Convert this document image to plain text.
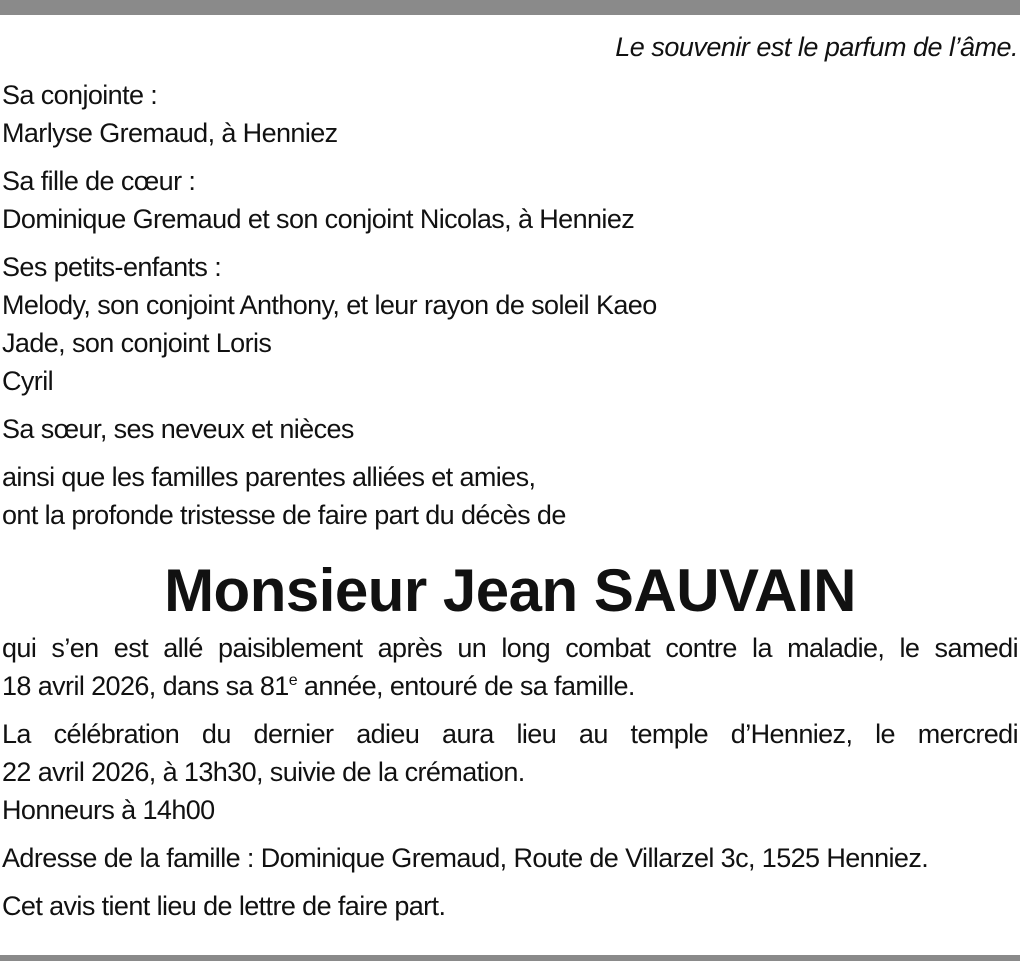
Le souvenir est le parfum de l’âme.
Sa conjointe :
Marlyse Gremaud, à Henniez
Sa fille de cœur :
Dominique Gremaud et son conjoint Nicolas, à Henniez
Ses petits-enfants :
Melody, son conjoint Anthony, et leur rayon de soleil Kaeo
Jade, son conjoint Loris
Cyril
Sa sœur, ses neveux et nièces
ainsi que les familles parentes alliées et amies,
ont la profonde tristesse de faire part du décès de
Monsieur Jean SAUVAIN
qui s’en est allé paisiblement après un long combat contre la maladie, le samedi
18 avril 2026, dans sa 81e année, entouré de sa famille.
La célébration du dernier adieu aura lieu au temple d’Henniez, le mercredi
22 avril 2026, à 13h30, suivie de la crémation.
Honneurs à 14h00
Adresse de la famille : Dominique Gremaud, Route de Villarzel 3c, 1525 Henniez.
Cet avis tient lieu de lettre de faire part.
